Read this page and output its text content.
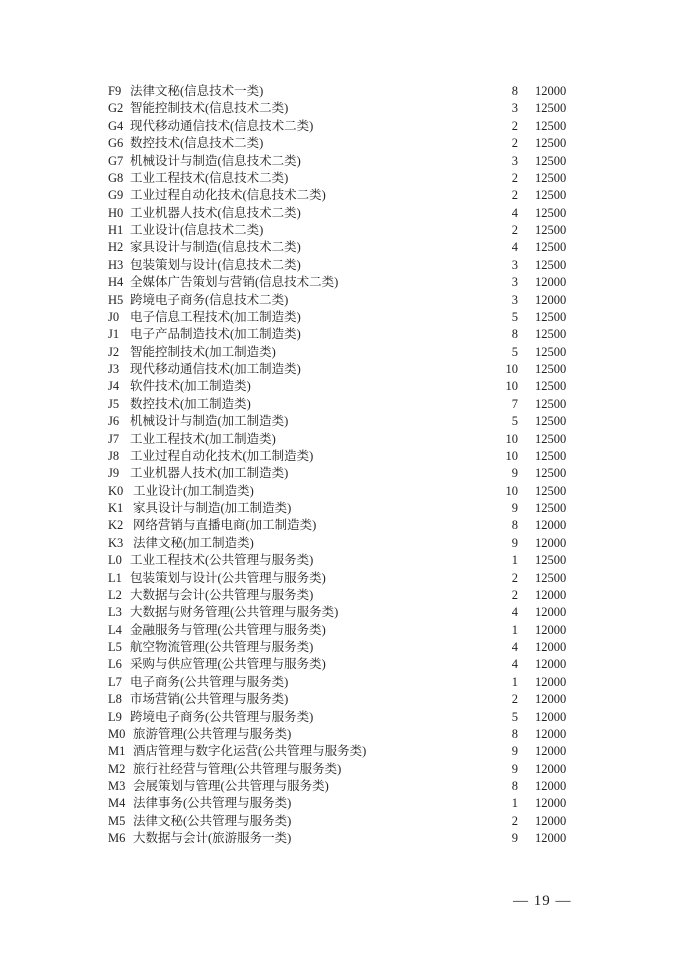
F9 法律文秘(信息技术一类)	8 12000
G2 智能控制技术(信息技术二类)	3 12500
G4 现代移动通信技术(信息技术二类)	2 12500
G6 数控技术(信息技术二类)	2 12500
G7 机械设计与制造(信息技术二类)	3 12500
G8 工业工程技术(信息技术二类)	2 12500
G9 工业过程自动化技术(信息技术二类)	2 12500
H0 工业机器人技术(信息技术二类)	4 12500
H1 工业设计(信息技术二类)	2 12500
H2 家具设计与制造(信息技术二类)	4 12500
H3 包装策划与设计(信息技术二类)	3 12500
H4 全媒体广告策划与营销(信息技术二类)	3 12000
H5 跨境电子商务(信息技术二类)	3 12000
J0 电子信息工程技术(加工制造类)	5 12500
J1 电子产品制造技术(加工制造类)	8 12500
J2 智能控制技术(加工制造类)	5 12500
J3 现代移动通信技术(加工制造类)	10 12500
J4 软件技术(加工制造类)	10 12500
J5 数控技术(加工制造类)	7 12500
J6 机械设计与制造(加工制造类)	5 12500
J7 工业工程技术(加工制造类)	10 12500
J8 工业过程自动化技术(加工制造类)	10 12500
J9 工业机器人技术(加工制造类)	9 12500
K0 工业设计(加工制造类)	10 12500
K1 家具设计与制造(加工制造类)	9 12500
K2 网络营销与直播电商(加工制造类)	8 12000
K3 法律文秘(加工制造类)	9 12000
L0 工业工程技术(公共管理与服务类)	1 12500
L1 包装策划与设计(公共管理与服务类)	2 12500
L2 大数据与会计(公共管理与服务类)	2 12000
L3 大数据与财务管理(公共管理与服务类)	4 12000
L4 金融服务与管理(公共管理与服务类)	1 12000
L5 航空物流管理(公共管理与服务类)	4 12000
L6 采购与供应管理(公共管理与服务类)	4 12000
L7 电子商务(公共管理与服务类)	1 12000
L8 市场营销(公共管理与服务类)	2 12000
L9 跨境电子商务(公共管理与服务类)	5 12000
M0 旅游管理(公共管理与服务类)	8 12000
M1 酒店管理与数字化运营(公共管理与服务类)	9 12000
M2 旅行社经营与管理(公共管理与服务类)	9 12000
M3 会展策划与管理(公共管理与服务类)	8 12000
M4 法律事务(公共管理与服务类)	1 12000
M5 法律文秘(公共管理与服务类)	2 12000
M6 大数据与会计(旅游服务一类)	9 12000
— 19 —
